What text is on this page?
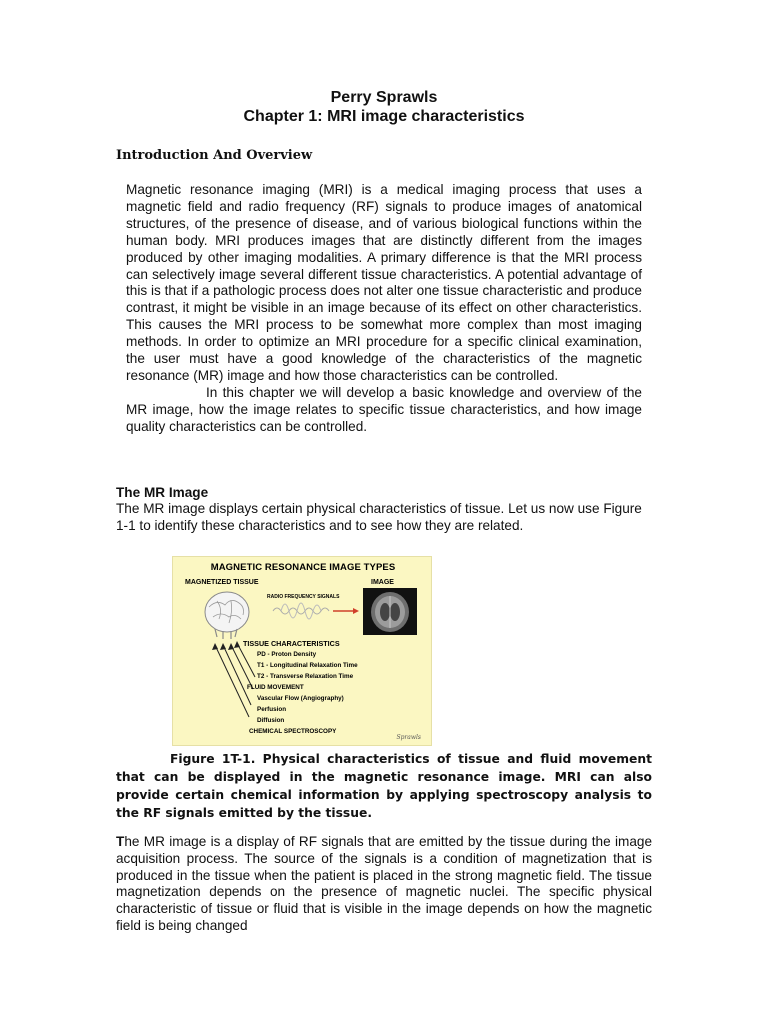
Perry Sprawls
Chapter 1: MRI image characteristics
Introduction And Overview

Magnetic resonance imaging (MRI) is a medical imaging process that uses a magnetic field and radio frequency (RF) signals to produce images of anatomical structures, of the presence of disease, and of various biological functions within the human body. MRI produces images that are distinctly different from the images produced by other imaging modalities. A primary difference is that the MRI process can selectively image several different tissue characteristics. A potential advantage of this is that if a pathologic process does not alter one tissue characteristic and produce contrast, it might be visible in an image because of its effect on other characteristics. This causes the MRI process to be somewhat more complex than most imaging methods. In order to optimize an MRI procedure for a specific clinical examination, the user must have a good knowledge of the characteristics of the magnetic resonance (MR) image and how those characteristics can be controlled.

In this chapter we will develop a basic knowledge and overview of the MR image, how the image relates to specific tissue characteristics, and how image quality characteristics can be controlled.

The MR Image
The MR image displays certain physical characteristics of tissue. Let us now use Figure 1-1 to identify these characteristics and to see how they are related.
MAGNETIC RESONANCE IMAGE TYPES
MAGNETIZED TISSUE	IMAGE
RADIO FREQUENCY SIGNALS
TISSUE CHARACTERISTICS
PD - Proton Density
T1 - Longitudinal Relaxation Time
T2 - Transverse Relaxation Time
FLUID MOVEMENT
Vascular Flow (Angiography)
Perfusion
Diffusion
CHEMICAL SPECTROSCOPY
Sprawls
Figure 1T-1. Physical characteristics of tissue and fluid movement that can be displayed in the magnetic resonance image. MRI can also provide certain chemical information by applying spectroscopy analysis to the RF signals emitted by the tissue.
The MR image is a display of RF signals that are emitted by the tissue during the image acquisition process. The source of the signals is a condition of magnetization that is produced in the tissue when the patient is placed in the strong magnetic field. The tissue magnetization depends on the presence of magnetic nuclei. The specific physical characteristic of tissue or fluid that is visible in the image depends on how the magnetic field is being changed
